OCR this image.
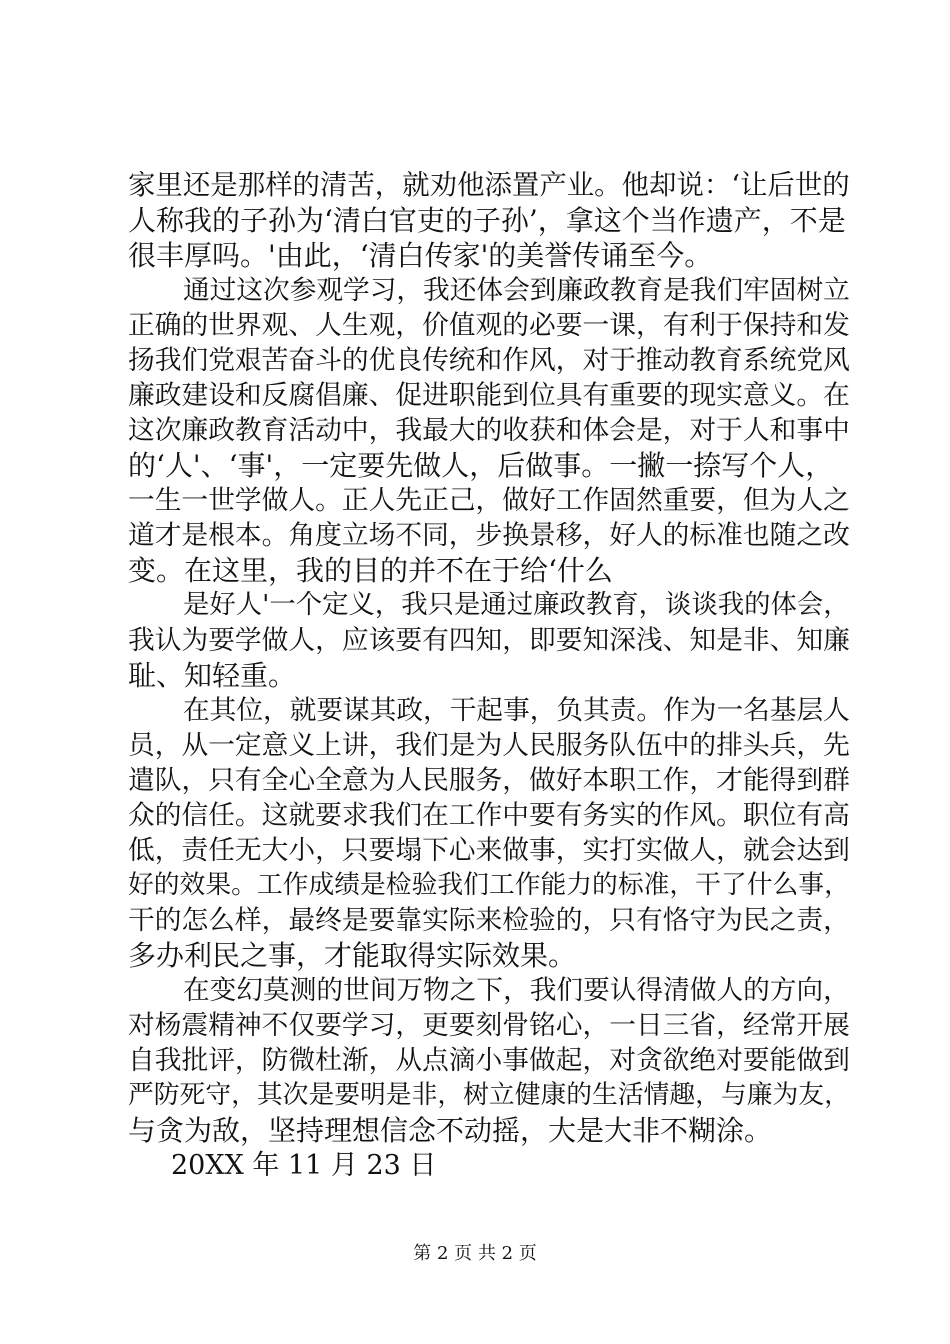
家里还是那样的清苦，就劝他添置产业。他却说：‘让后世的
人称我的子孙为‘清白官吏的子孙’，拿这个当作遗产，不是
很丰厚吗。'由此，‘清白传家'的美誉传诵至今。
通过这次参观学习，我还体会到廉政教育是我们牢固树立
正确的世界观、人生观，价值观的必要一课，有利于保持和发
扬我们党艰苦奋斗的优良传统和作风，对于推动教育系统党风
廉政建设和反腐倡廉、促进职能到位具有重要的现实意义。在
这次廉政教育活动中，我最大的收获和体会是，对于人和事中
的‘人'、‘事'，一定要先做人，后做事。一撇一捺写个人，
一生一世学做人。正人先正己，做好工作固然重要，但为人之
道才是根本。角度立场不同，步换景移，好人的标准也随之改
变。在这里，我的目的并不在于给‘什么
是好人'一个定义，我只是通过廉政教育，谈谈我的体会，
我认为要学做人，应该要有四知，即要知深浅、知是非、知廉
耻、知轻重。
在其位，就要谋其政，干起事，负其责。作为一名基层人
员，从一定意义上讲，我们是为人民服务队伍中的排头兵，先
遣队，只有全心全意为人民服务，做好本职工作，才能得到群
众的信任。这就要求我们在工作中要有务实的作风。职位有高
低，责任无大小，只要塌下心来做事，实打实做人，就会达到
好的效果。工作成绩是检验我们工作能力的标准，干了什么事，
干的怎么样，最终是要靠实际来检验的，只有恪守为民之责，
多办利民之事，才能取得实际效果。
在变幻莫测的世间万物之下，我们要认得清做人的方向，
对杨震精神不仅要学习，更要刻骨铭心，一日三省，经常开展
自我批评，防微杜渐，从点滴小事做起，对贪欲绝对要能做到
严防死守，其次是要明是非，树立健康的生活情趣，与廉为友，
与贪为敌，坚持理想信念不动摇，大是大非不糊涂。
20XX 年 11 月 23 日
第 2 页 共 2 页
